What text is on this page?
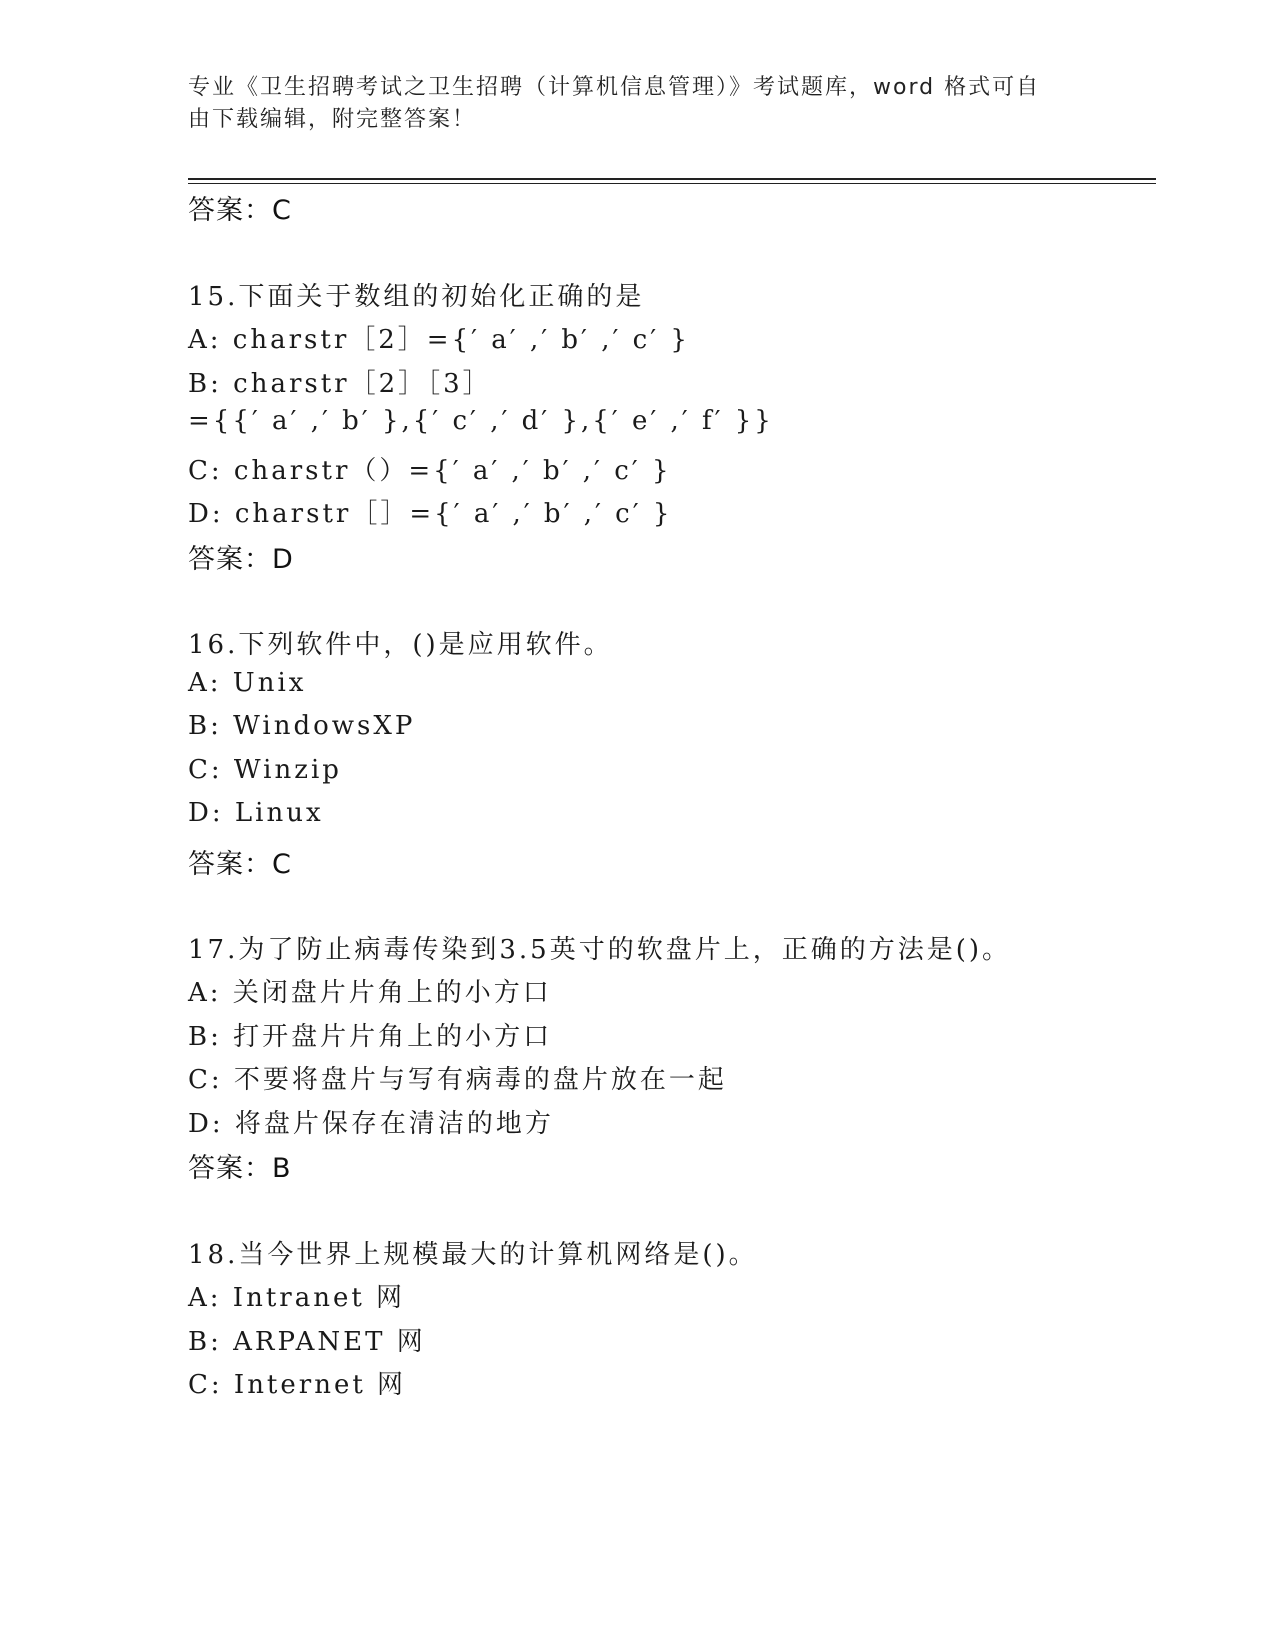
专业《卫生招聘考试之卫生招聘（计算机信息管理）》考试题库，word 格式可自
由下载编辑，附完整答案！
答案：C
15.下面关于数组的初始化正确的是
A: charstr［2］={′ a′ ,′ b′ ,′ c′ }
B: charstr［2］［3］
={{′ a′ ,′ b′ },{′ c′ ,′ d′ },{′ e′ ,′ f′ }}
C: charstr（）={′ a′ ,′ b′ ,′ c′ }
D: charstr［］={′ a′ ,′ b′ ,′ c′ }
答案：D
16.下列软件中，()是应用软件。
A: Unix
B: WindowsXP
C: Winzip
D: Linux
答案：C
17.为了防止病毒传染到3.5英寸的软盘片上，正确的方法是()。
A: 关闭盘片片角上的小方口
B: 打开盘片片角上的小方口
C: 不要将盘片与写有病毒的盘片放在一起
D: 将盘片保存在清洁的地方
答案：B
18.当今世界上规模最大的计算机网络是()。
A: Intranet 网
B: ARPANET 网
C: Internet 网
